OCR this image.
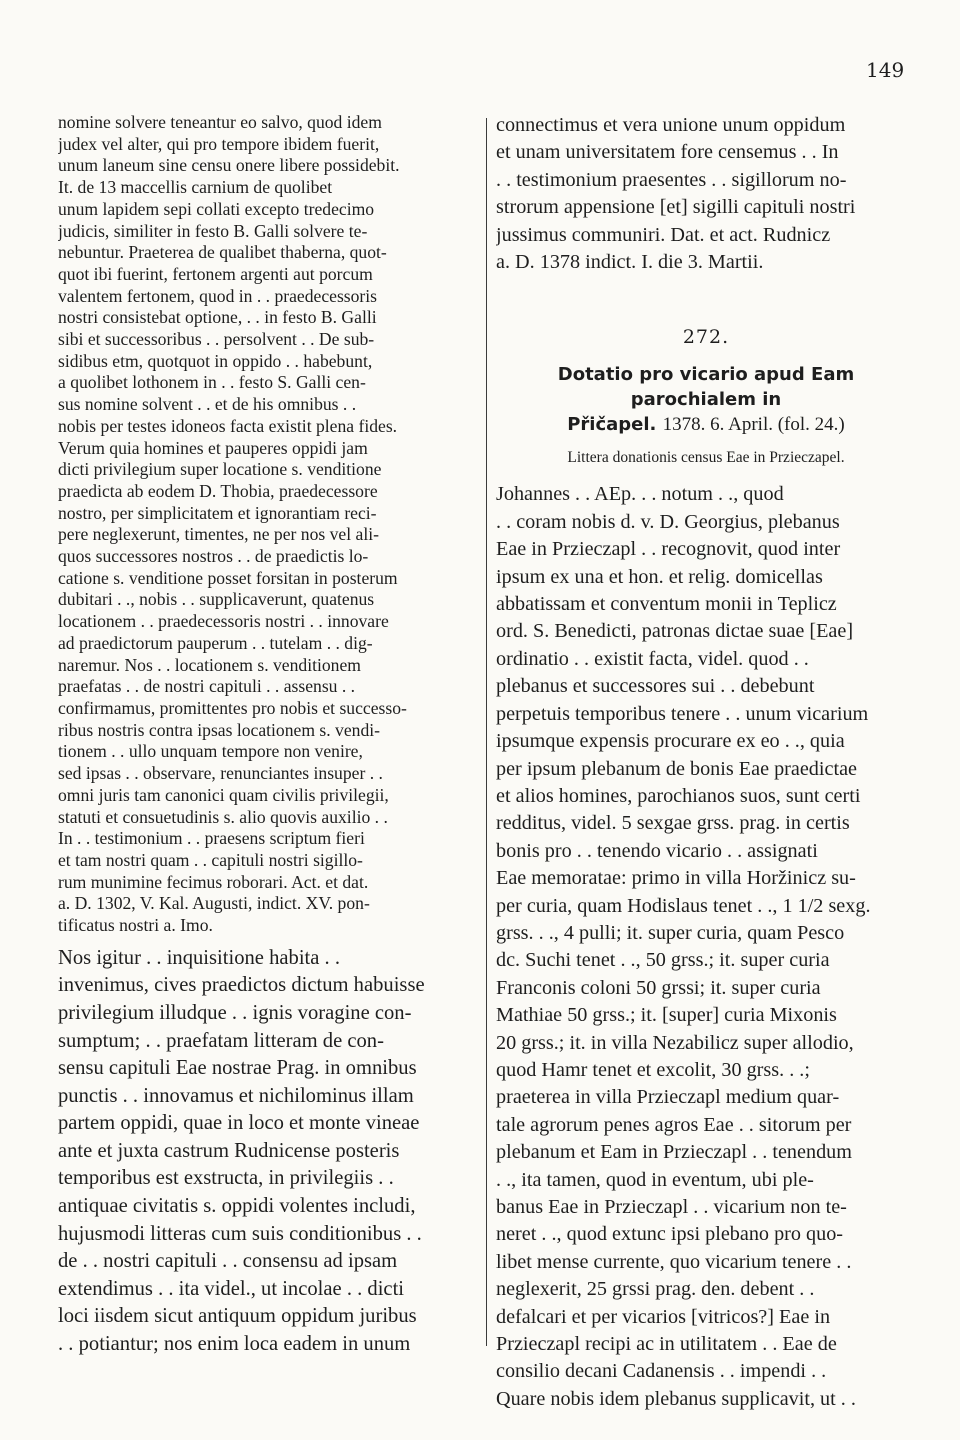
149
nomine solvere teneantur eo salvo, quod idem
judex vel alter, qui pro tempore ibidem fuerit,
unum laneum sine censu onere libere possidebit.
It. de 13 maccellis carnium de quolibet
unum lapidem sepi collati excepto tredecimo
judicis, similiter in festo B. Galli solvere te-
nebuntur. Praeterea de qualibet thaberna, quot-
quot ibi fuerint, fertonem argenti aut porcum
valentem fertonem, quod in . . praedecessoris
nostri consistebat optione, . . in festo B. Galli
sibi et successoribus . . persolvent . . De sub-
sidibus etm, quotquot in oppido . . habebunt,
a quolibet lothonem in . . festo S. Galli cen-
sus nomine solvent . . et de his omnibus . .
nobis per testes idoneos facta existit plena fides.
Verum quia homines et pauperes oppidi jam
dicti privilegium super locatione s. venditione
praedicta ab eodem D. Thobia, praedecessore
nostro, per simplicitatem et ignorantiam reci-
pere neglexerunt, timentes, ne per nos vel ali-
quos successores nostros . . de praedictis lo-
catione s. venditione posset forsitan in posterum
dubitari . ., nobis . . supplicaverunt, quatenus
locationem . . praedecessoris nostri . . innovare
ad praedictorum pauperum . . tutelam . . dig-
naremur. Nos . . locationem s. venditionem
praefatas . . de nostri capituli . . assensu . .
confirmamus, promittentes pro nobis et successo-
ribus nostris contra ipsas locationem s. vendi-
tionem . . ullo unquam tempore non venire,
sed ipsas . . observare, renunciantes insuper . .
omni juris tam canonici quam civilis privilegii,
statuti et consuetudinis s. alio quovis auxilio . .
In . . testimonium . . praesens scriptum fieri
et tam nostri quam . . capituli nostri sigillo-
rum munimine fecimus roborari. Act. et dat.
a. D. 1302, V. Kal. Augusti, indict. XV. pon-
tificatus nostri a. Imo.
Nos igitur . . inquisitione habita . .
invenimus, cives praedictos dictum habuisse
privilegium illudque . . ignis voragine con-
sumptum; . . praefatam litteram de con-
sensu capituli Eae nostrae Prag. in omnibus
punctis . . innovamus et nichilominus illam
partem oppidi, quae in loco et monte vineae
ante et juxta castrum Rudnicense posteris
temporibus est exstructa, in privilegiis . .
antiquae civitatis s. oppidi volentes includi,
hujusmodi litteras cum suis conditionibus . .
de . . nostri capituli . . consensu ad ipsam
extendimus . . ita videl., ut incolae . . dicti
loci iisdem sicut antiquum oppidum juribus
. . potiantur; nos enim loca eadem in unum
connectimus et vera unione unum oppidum
et unam universitatem fore censemus . . In
. . testimonium praesentes . . sigillorum no-
strorum appensione [et] sigilli capituli nostri
jussimus communiri. Dat. et act. Rudnicz
a. D. 1378 indict. I. die 3. Martii.
272.
Dotatio pro vicario apud Eam parochialem in
Přičapel. 1378. 6. April. (fol. 24.)
Littera donationis census Eae in Przieczapel.
Johannes . . AEp. . . notum . ., quod
. . coram nobis d. v. D. Georgius, plebanus
Eae in Przieczapl . . recognovit, quod inter
ipsum ex una et hon. et relig. domicellas
abbatissam et conventum monii in Teplicz
ord. S. Benedicti, patronas dictae suae [Eae]
ordinatio . . existit facta, videl. quod . .
plebanus et successores sui . . debebunt
perpetuis temporibus tenere . . unum vicarium
ipsumque expensis procurare ex eo . ., quia
per ipsum plebanum de bonis Eae praedictae
et alios homines, parochianos suos, sunt certi
redditus, videl. 5 sexgae grss. prag. in certis
bonis pro . . tenendo vicario . . assignati
Eae memoratae: primo in villa Horžinicz su-
per curia, quam Hodislaus tenet . ., 1 1/2 sexg.
grss. . ., 4 pulli; it. super curia, quam Pesco
dc. Suchi tenet . ., 50 grss.; it. super curia
Franconis coloni 50 grssi; it. super curia
Mathiae 50 grss.; it. [super] curia Mixonis
20 grss.; it. in villa Nezabilicz super allodio,
quod Hamr tenet et excolit, 30 grss. . .;
praeterea in villa Przieczapl medium quar-
tale agrorum penes agros Eae . . sitorum per
plebanum et Eam in Przieczapl . . tenendum
. ., ita tamen, quod in eventum, ubi ple-
banus Eae in Przieczapl . . vicarium non te-
neret . ., quod extunc ipsi plebano pro quo-
libet mense currente, quo vicarium tenere . .
neglexerit, 25 grssi prag. den. debent . .
defalcari et per vicarios [vitricos?] Eae in
Przieczapl recipi ac in utilitatem . . Eae de
consilio decani Cadanensis . . impendi . .
Quare nobis idem plebanus supplicavit, ut . .
